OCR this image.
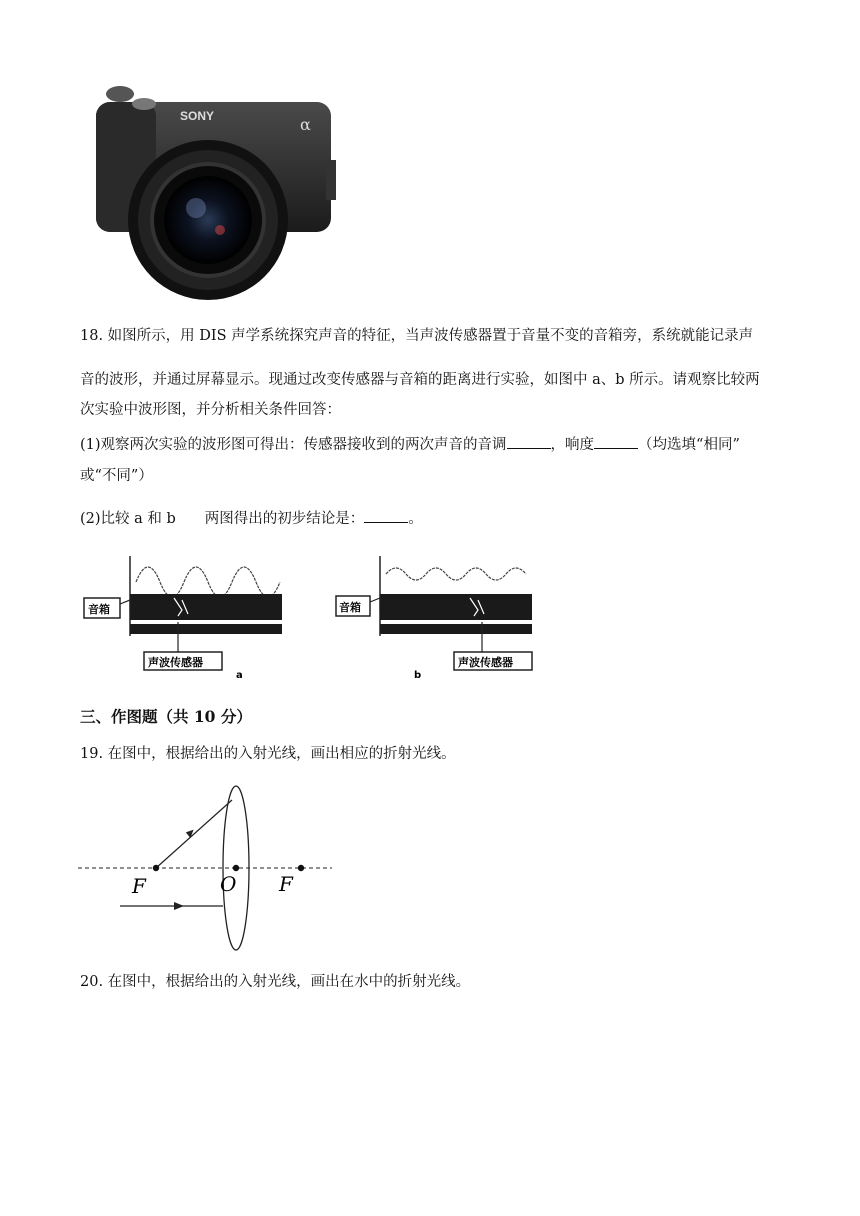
SONY	α
18. 如图所示，用 DIS 声学系统探究声音的特征，当声波传感器置于音量不变的音箱旁，系统就能记录声
音的波形，并通过屏幕显示。现通过改变传感器与音箱的距离进行实验，如图中 a、b 所示。请观察比较两
次实验中波形图，并分析相关条件回答：
(1)观察两次实验的波形图可得出：传感器接收到的两次声音的音调	，响度	（均选填“相同”
或“不同”）
(2)比较 a 和 b　　两图得出的初步结论是：	。
音箱
声波传感器
a
音箱
声波传感器
b
三、作图题（共 10 分）
19. 在图中，根据给出的入射光线，画出相应的折射光线。
F	O F
20. 在图中，根据给出的入射光线，画出在水中的折射光线。
